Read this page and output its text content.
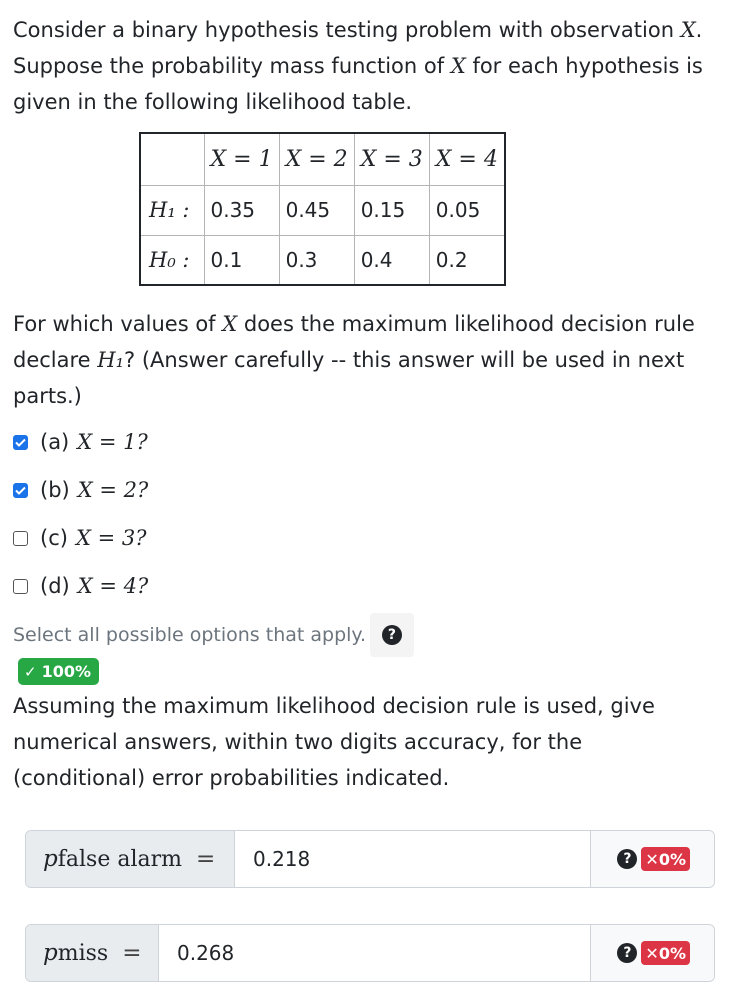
Consider a binary hypothesis testing problem with observation X. Suppose the probability mass function of X for each hypothesis is given in the following likelihood table.

	X = 1	X = 2	X = 3	X = 4
H₁ :	0.35	0.45	0.15	0.05
H₀ :	0.1	0.3	0.4	0.2

For which values of X does the maximum likelihood decision rule declare H₁? (Answer carefully -- this answer will be used in next parts.)

(a) X = 1?
(b) X = 2?
(c) X = 3?
(d) X = 4?
Select all possible options that apply.	?
✓ 100%

Assuming the maximum likelihood decision rule is used, give numerical answers, within two digits accuracy, for the (conditional) error probabilities indicated.

p false alarm =	0.218	? ✕ 0%
p miss =	0.268	? ✕ 0%
